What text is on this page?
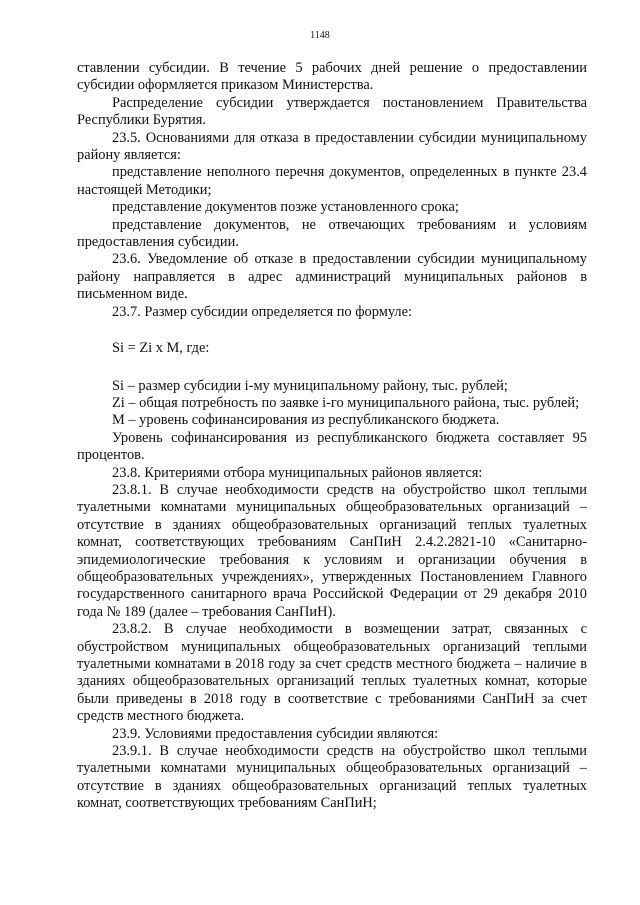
1148

ставлении субсидии. В течение 5 рабочих дней решение о предоставлении субсидии оформляется приказом Министерства.

Распределение субсидии утверждается постановлением Правительства Республики Бурятия.

23.5. Основаниями для отказа в предоставлении субсидии муниципальному району является:

представление неполного перечня документов, определенных в пункте 23.4 настоящей Методики;

представление документов позже установленного срока;

представление документов, не отвечающих требованиям и условиям предоставления субсидии.

23.6. Уведомление об отказе в предоставлении субсидии муниципальному району направляется в адрес администраций муниципальных районов в письменном виде.

23.7. Размер субсидии определяется по формуле:

Si = Zi x M, где:

Si – размер субсидии i-му муниципальному району, тыс. рублей;

Zi – общая потребность по заявке i-го муниципального района, тыс. рублей;

M – уровень софинансирования из республиканского бюджета.

Уровень софинансирования из республиканского бюджета составляет 95 процентов.

23.8. Критериями отбора муниципальных районов является:

23.8.1. В случае необходимости средств на обустройство школ теплыми туалетными комнатами муниципальных общеобразовательных организаций – отсутствие в зданиях общеобразовательных организаций теплых туалетных комнат, соответствующих требованиям СанПиН 2.4.2.2821-10 «Санитарно-эпидемиологические требования к условиям и организации обучения в общеобразовательных учреждениях», утвержденных Постановлением Главного государственного санитарного врача Российской Федерации от 29 декабря 2010 года № 189 (далее – требования СанПиН).

23.8.2. В случае необходимости в возмещении затрат, связанных с обустройством муниципальных общеобразовательных организаций теплыми туалетными комнатами в 2018 году за счет средств местного бюджета – наличие в зданиях общеобразовательных организаций теплых туалетных комнат, которые были приведены в 2018 году в соответствие с требованиями СанПиН за счет средств местного бюджета.

23.9. Условиями предоставления субсидии являются:

23.9.1. В случае необходимости средств на обустройство школ теплыми туалетными комнатами муниципальных общеобразовательных организаций – отсутствие в зданиях общеобразовательных организаций теплых туалетных комнат, соответствующих требованиям СанПиН;
